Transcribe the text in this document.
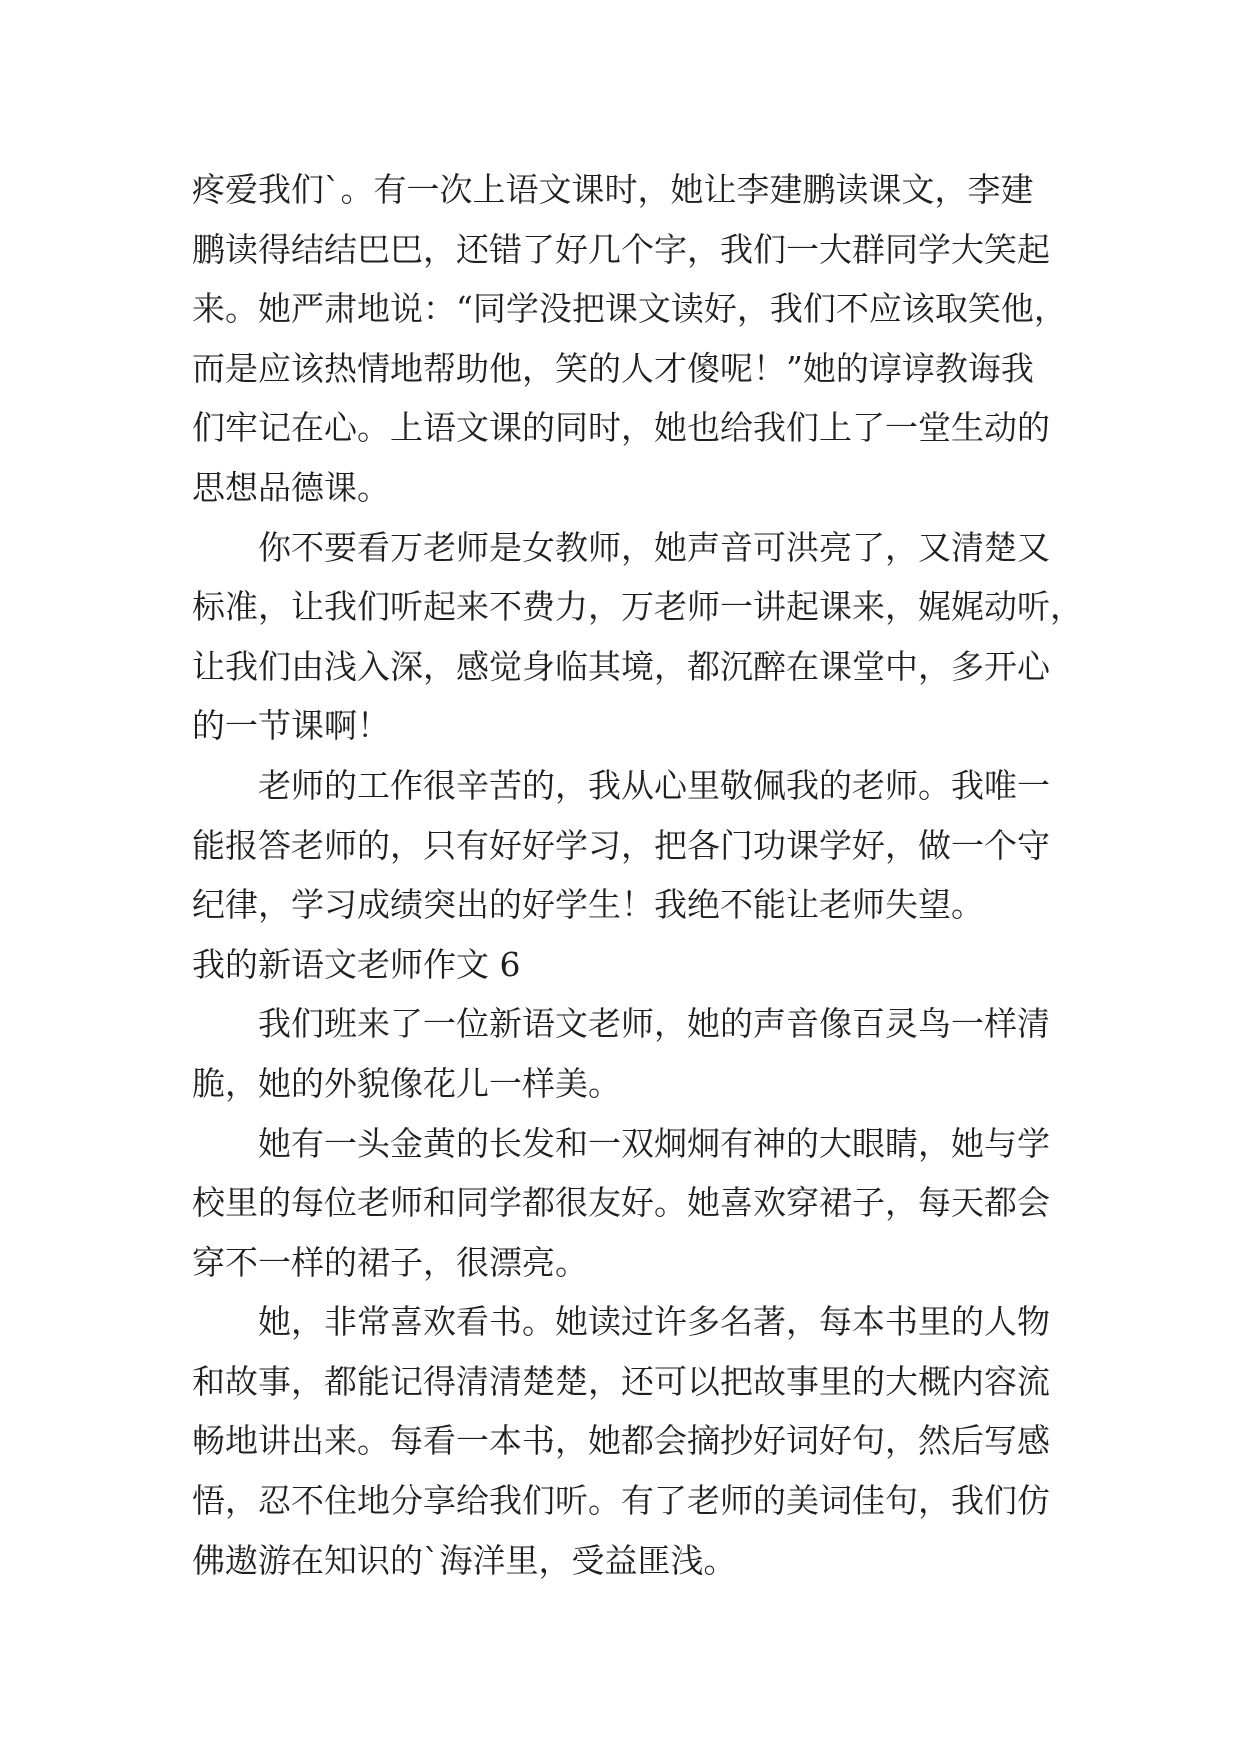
疼爱我们`。有一次上语文课时，她让李建鹏读课文，李建
鹏读得结结巴巴，还错了好几个字，我们一大群同学大笑起
来。她严肃地说：“同学没把课文读好，我们不应该取笑他，
而是应该热情地帮助他，笑的人才傻呢！”她的谆谆教诲我
们牢记在心。上语文课的同时，她也给我们上了一堂生动的
思想品德课。
你不要看万老师是女教师，她声音可洪亮了，又清楚又
标准，让我们听起来不费力，万老师一讲起课来，娓娓动听，
让我们由浅入深，感觉身临其境，都沉醉在课堂中，多开心
的一节课啊！
老师的工作很辛苦的，我从心里敬佩我的老师。我唯一
能报答老师的，只有好好学习，把各门功课学好，做一个守
纪律，学习成绩突出的好学生！我绝不能让老师失望。
我的新语文老师作文 6
我们班来了一位新语文老师，她的声音像百灵鸟一样清
脆，她的外貌像花儿一样美。
她有一头金黄的长发和一双炯炯有神的大眼睛，她与学
校里的每位老师和同学都很友好。她喜欢穿裙子，每天都会
穿不一样的裙子，很漂亮。
她，非常喜欢看书。她读过许多名著，每本书里的人物
和故事，都能记得清清楚楚，还可以把故事里的大概内容流
畅地讲出来。每看一本书，她都会摘抄好词好句，然后写感
悟，忍不住地分享给我们听。有了老师的美词佳句，我们仿
佛遨游在知识的`海洋里，受益匪浅。
